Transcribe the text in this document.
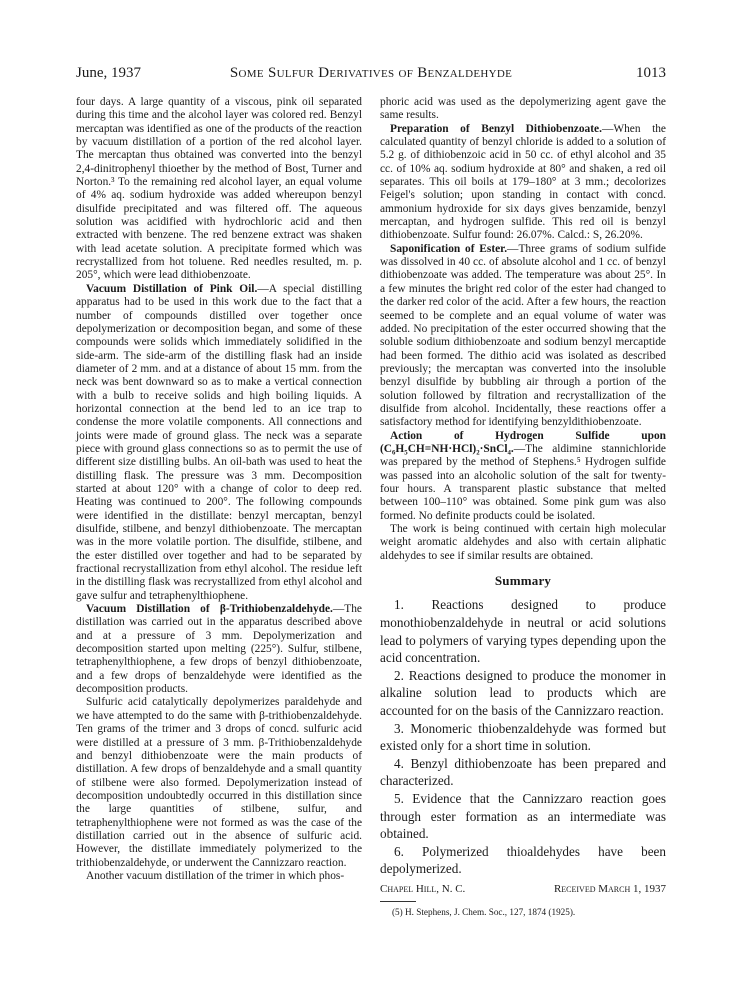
June, 1937	Some Sulfur Derivatives of Benzaldehyde	1013

four days. A large quantity of a viscous, pink oil separated during this time and the alcohol layer was colored red. Benzyl mercaptan was identified as one of the products of the reaction by vacuum distillation of a portion of the red alcohol layer. The mercaptan thus obtained was converted into the benzyl 2,4-dinitrophenyl thioether by the method of Bost, Turner and Norton.³ To the remaining red alcohol layer, an equal volume of 4% aq. sodium hydroxide was added whereupon benzyl disulfide precipitated and was filtered off. The aqueous solution was acidified with hydrochloric acid and then extracted with benzene. The red benzene extract was shaken with lead acetate solution. A precipitate formed which was recrystallized from hot toluene. Red needles resulted, m. p. 205°, which were lead dithiobenzoate.

Vacuum Distillation of Pink Oil.—A special distilling apparatus had to be used in this work due to the fact that a number of compounds distilled over together once depolymerization or decomposition began, and some of these compounds were solids which immediately solidified in the side-arm. The side-arm of the distilling flask had an inside diameter of 2 mm. and at a distance of about 15 mm. from the neck was bent downward so as to make a vertical connection with a bulb to receive solids and high boiling liquids. A horizontal connection at the bend led to an ice trap to condense the more volatile components. All connections and joints were made of ground glass. The neck was a separate piece with ground glass connections so as to permit the use of different size distilling bulbs. An oil-bath was used to heat the distilling flask. The pressure was 3 mm. Decomposition started at about 120° with a change of color to deep red. Heating was continued to 200°. The following compounds were identified in the distillate: benzyl mercaptan, benzyl disulfide, stilbene, and benzyl dithiobenzoate. The mercaptan was in the more volatile portion. The disulfide, stilbene, and the ester distilled over together and had to be separated by fractional recrystallization from ethyl alcohol. The residue left in the distilling flask was recrystallized from ethyl alcohol and gave sulfur and tetraphenylthiophene.

Vacuum Distillation of β-Trithiobenzaldehyde.—The distillation was carried out in the apparatus described above and at a pressure of 3 mm. Depolymerization and decomposition started upon melting (225°). Sulfur, stilbene, tetraphenylthiophene, a few drops of benzyl dithiobenzoate, and a few drops of benzaldehyde were identified as the decomposition products.

Sulfuric acid catalytically depolymerizes paraldehyde and we have attempted to do the same with β-trithiobenzaldehyde. Ten grams of the trimer and 3 drops of concd. sulfuric acid were distilled at a pressure of 3 mm. β-Trithiobenzaldehyde and benzyl dithiobenzoate were the main products of distillation. A few drops of benzaldehyde and a small quantity of stilbene were also formed. Depolymerization instead of decomposition undoubtedly occurred in this distillation since the large quantities of stilbene, sulfur, and tetraphenylthiophene were not formed as was the case of the distillation carried out in the absence of sulfuric acid. However, the distillate immediately polymerized to the trithiobenzaldehyde, or underwent the Cannizzaro reaction.

Another vacuum distillation of the trimer in which phos-

phoric acid was used as the depolymerizing agent gave the same results.

Preparation of Benzyl Dithiobenzoate.—When the calculated quantity of benzyl chloride is added to a solution of 5.2 g. of dithiobenzoic acid in 50 cc. of ethyl alcohol and 35 cc. of 10% aq. sodium hydroxide at 80° and shaken, a red oil separates. This oil boils at 179–180° at 3 mm.; decolorizes Feigel's solution; upon standing in contact with concd. ammonium hydroxide for six days gives benzamide, benzyl mercaptan, and hydrogen sulfide. This red oil is benzyl dithiobenzoate. Sulfur found: 26.07%. Calcd.: S, 26.20%.

Saponification of Ester.—Three grams of sodium sulfide was dissolved in 40 cc. of absolute alcohol and 1 cc. of benzyl dithiobenzoate was added. The temperature was about 25°. In a few minutes the bright red color of the ester had changed to the darker red color of the acid. After a few hours, the reaction seemed to be complete and an equal volume of water was added. No precipitation of the ester occurred showing that the soluble sodium dithiobenzoate and sodium benzyl mercaptide had been formed. The dithio acid was isolated as described previously; the mercaptan was converted into the insoluble benzyl disulfide by bubbling air through a portion of the solution followed by filtration and recrystallization of the disulfide from alcohol. Incidentally, these reactions offer a satisfactory method for identifying benzyldithiobenzoate.

Action of Hydrogen Sulfide upon (C₆H₅CH=NH·HCl)₂·SnCl₄.—The aldimine stannichloride was prepared by the method of Stephens.⁵ Hydrogen sulfide was passed into an alcoholic solution of the salt for twenty-four hours. A transparent plastic substance that melted between 100–110° was obtained. Some pink gum was also formed. No definite products could be isolated.

The work is being continued with certain high molecular weight aromatic aldehydes and also with certain aliphatic aldehydes to see if similar results are obtained.

Summary

1. Reactions designed to produce monothiobenzaldehyde in neutral or acid solutions lead to polymers of varying types depending upon the acid concentration.

2. Reactions designed to produce the monomer in alkaline solution lead to products which are accounted for on the basis of the Cannizzaro reaction.

3. Monomeric thiobenzaldehyde was formed but existed only for a short time in solution.

4. Benzyl dithiobenzoate has been prepared and characterized.

5. Evidence that the Cannizzaro reaction goes through ester formation as an intermediate was obtained.

6. Polymerized thioaldehydes have been depolymerized.

Chapel Hill, N. C.	Received March 1, 1937
(5) H. Stephens, J. Chem. Soc., 127, 1874 (1925).
